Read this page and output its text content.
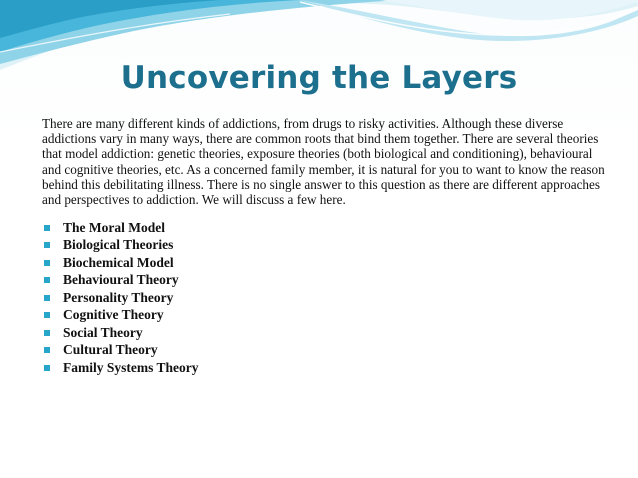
Uncovering the Layers

There are many different kinds of addictions, from drugs to risky activities. Although these diverse addictions vary in many ways, there are common roots that bind them together. There are several theories that model addiction: genetic theories, exposure theories (both biological and conditioning), behavioural and cognitive theories, etc. As a concerned family member, it is natural for you to want to know the reason behind this debilitating illness. There is no single answer to this question as there are different approaches and perspectives to addiction. We will discuss a few here.

The Moral Model
Biological Theories
Biochemical Model
Behavioural Theory
Personality Theory
Cognitive Theory
Social Theory
Cultural Theory
Family Systems Theory
